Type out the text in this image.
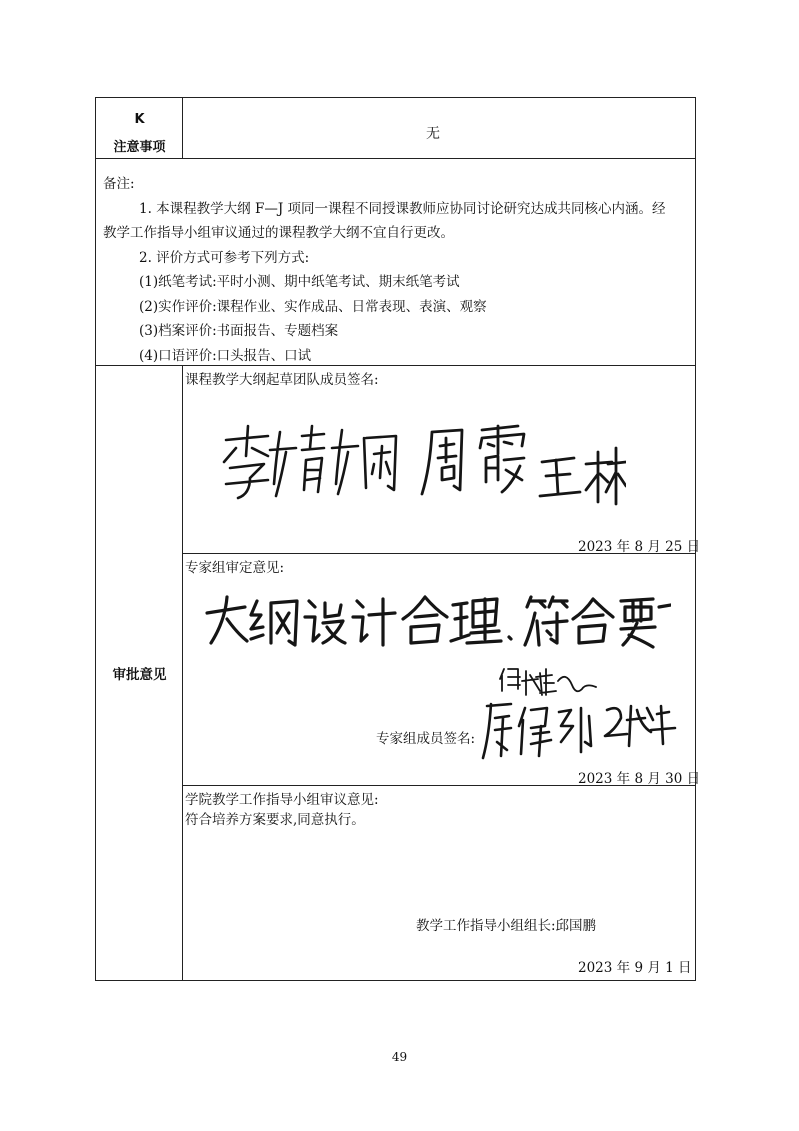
K
注意事项
无
备注:
1. 本课程教学大纲 F—J 项同一课程不同授课教师应协同讨论研究达成共同核心内涵。经
教学工作指导小组审议通过的课程教学大纲不宜自行更改。
2. 评价方式可参考下列方式:
(1)纸笔考试:平时小测、期中纸笔考试、期末纸笔考试
(2)实作评价:课程作业、实作成品、日常表现、表演、观察
(3)档案评价:书面报告、专题档案
(4)口语评价:口头报告、口试
审批意见
课程教学大纲起草团队成员签名:
2023 年 8 月 25 日
专家组审定意见:
专家组成员签名:
2023 年 8 月 30 日
学院教学工作指导小组审议意见:
符合培养方案要求,同意执行。
教学工作指导小组组长:邱国鹏
2023 年 9 月 1 日
49
